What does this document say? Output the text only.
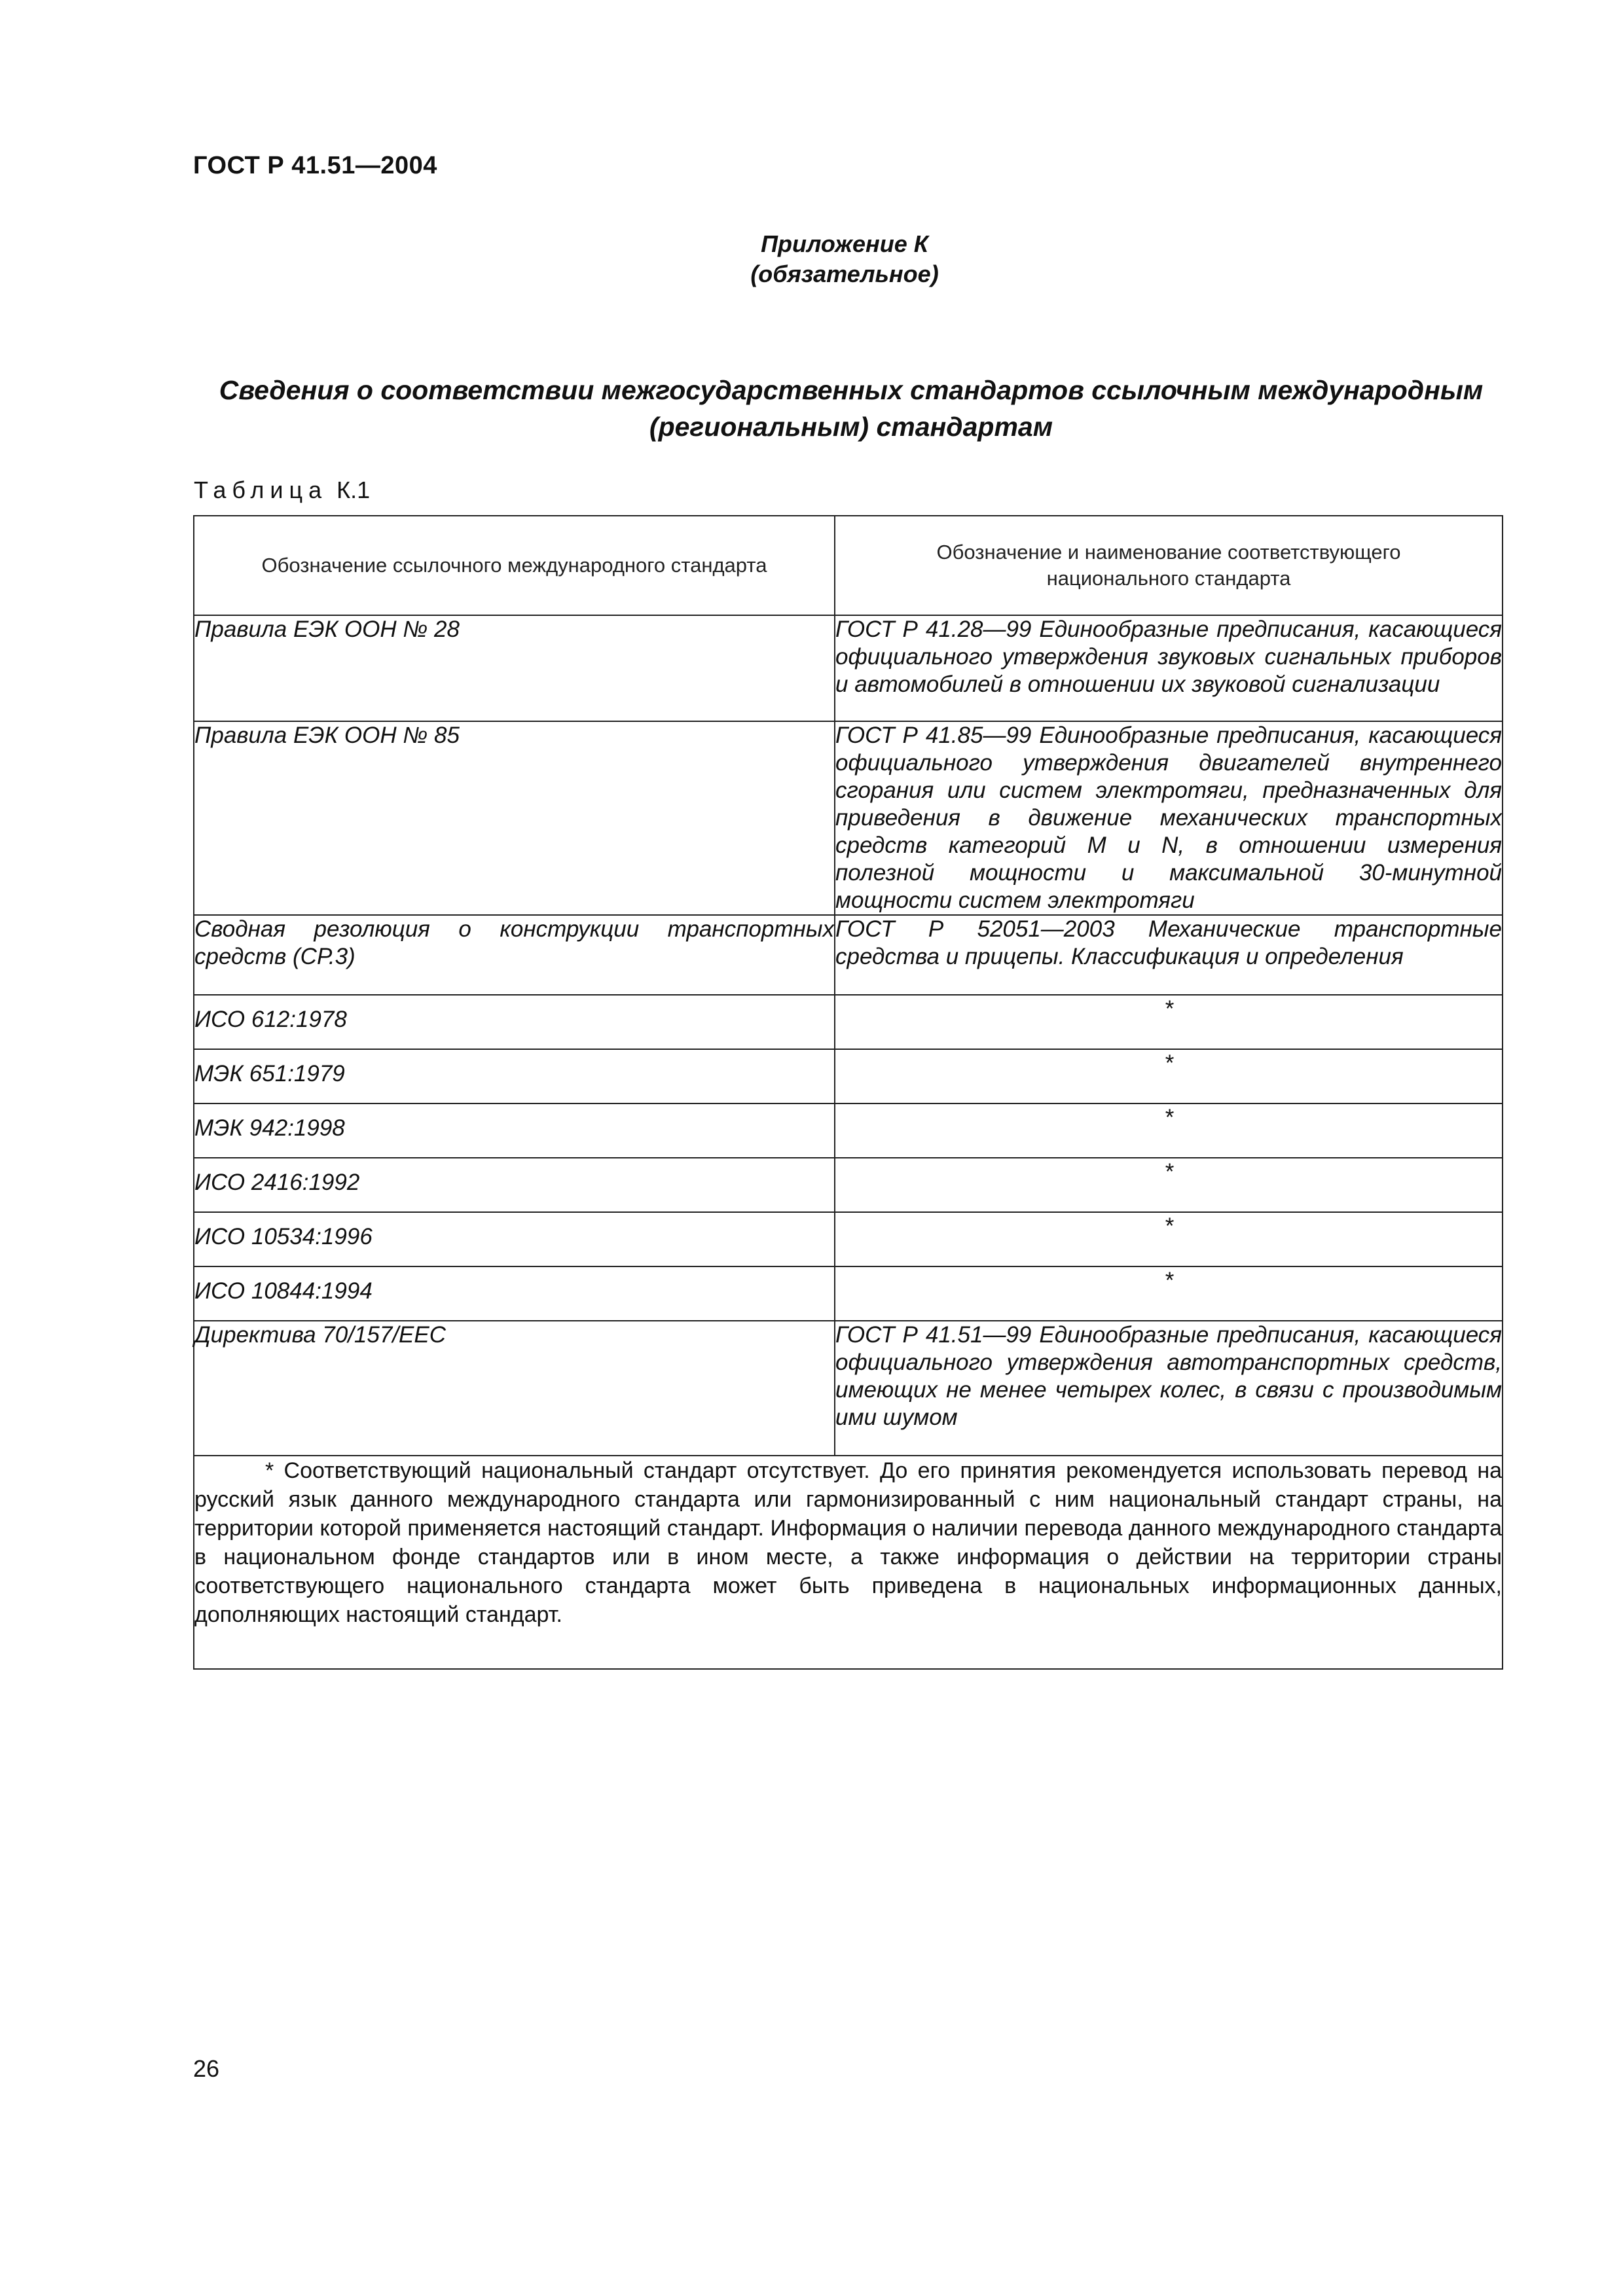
ГОСТ Р 41.51—2004
Приложение К
(обязательное)
Сведения о соответствии межгосударственных стандартов ссылочным международным
(региональным) стандартам
Таблица К.1
Обозначение ссылочного международного стандарта	Обозначение и наименование соответствующего национального стандарта
Правила ЕЭК ООН № 28	ГОСТ Р 41.28—99 Единообразные предписания, касающиеся официального утверждения звуковых сигнальных приборов и автомобилей в отношении их звуковой сигнализации
Правила ЕЭК ООН № 85	ГОСТ Р 41.85—99 Единообразные предписания, касающиеся официального утверждения двигателей внутреннего сгорания или систем электротяги, предназначенных для приведения в движение механических транспортных средств категорий М и N, в отношении измерения полезной мощности и максимальной 30-минутной мощности систем электротяги
Сводная резолюция о конструкции транспортных средств (СР.3)	ГОСТ Р 52051—2003 Механические транспортные средства и прицепы. Классификация и определения
ИСО 612:1978	*
МЭК 651:1979	*
МЭК 942:1998	*
ИСО 2416:1992	*
ИСО 10534:1996	*
ИСО 10844:1994	*
Директива 70/157/ЕЕС	ГОСТ Р 41.51—99 Единообразные предписания, касающиеся официального утверждения автотранспортных средств, имеющих не менее четырех колес, в связи с производимым ими шумом
* Соответствующий национальный стандарт отсутствует. До его принятия рекомендуется использовать перевод на русский язык данного международного стандарта или гармонизированный с ним национальный стандарт страны, на территории которой применяется настоящий стандарт. Информация о наличии перевода данного международного стандарта в национальном фонде стандартов или в ином месте, а также информация о действии на территории страны соответствующего национального стандарта может быть приведена в национальных информационных данных, дополняющих настоящий стандарт.	
26
